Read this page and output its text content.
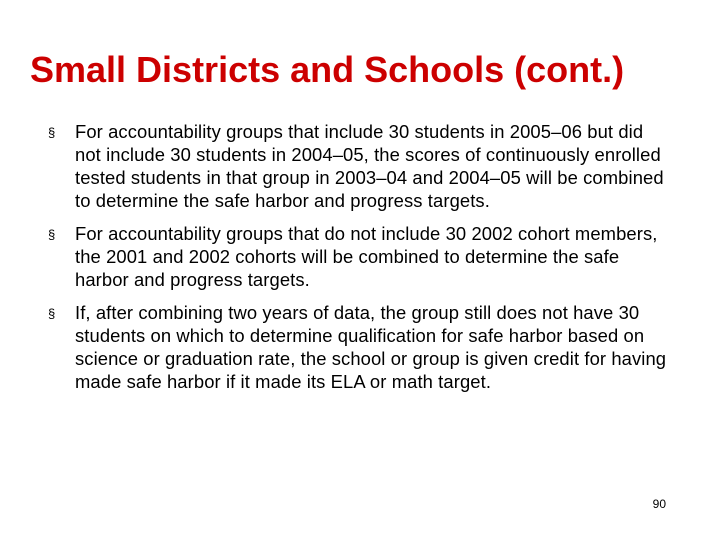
Small Districts and Schools (cont.)
§ For accountability groups that include 30 students in 2005–06 but did not include 30 students in 2004–05, the scores of continuously enrolled tested students in that group in 2003–04 and 2004–05 will be combined to determine the safe harbor and progress targets.
§ For accountability groups that do not include 30 2002 cohort members, the 2001 and 2002 cohorts will be combined to determine the safe harbor and progress targets.
§ If, after combining two years of data, the group still does not have 30 students on which to determine qualification for safe harbor based on science or graduation rate, the school or group is given credit for having made safe harbor if it made its ELA or math target.
90
